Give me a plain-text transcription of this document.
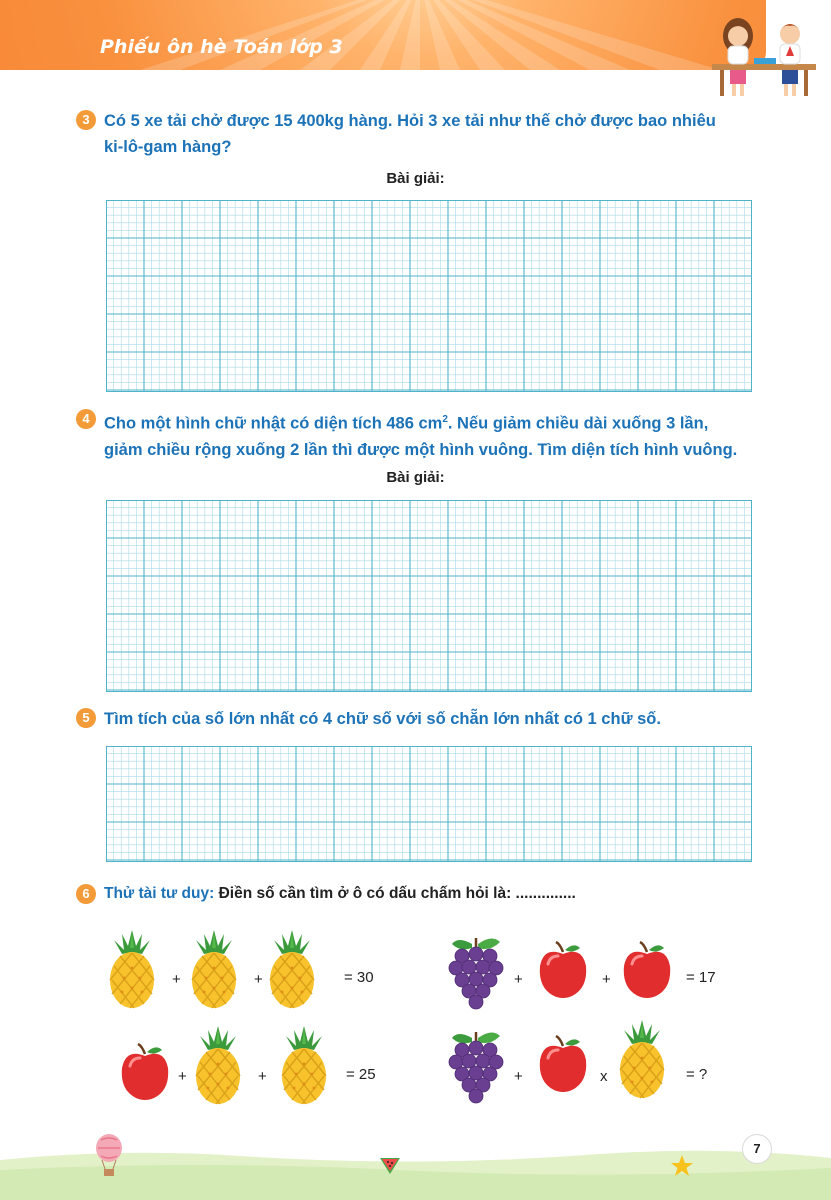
Phiếu ôn hè Toán lớp 3
3 Có 5 xe tải chở được 15 400kg hàng. Hỏi 3 xe tải như thế chở được bao nhiêu
ki-lô-gam hàng?
Bài giải:
4 Cho một hình chữ nhật có diện tích 486 $cm^2$. Nếu giảm chiều dài xuống 3 lần,
giảm chiều rộng xuống 2 lần thì được một hình vuông. Tìm diện tích hình vuông.
Bài giải:
5 Tìm tích của số lớn nhất có 4 chữ số với số chẵn lớn nhất có 1 chữ số.
6 Thử tài tư duy: Điền số cần tìm ở ô có dấu chấm hỏi là: ..............
+	+	= 30	+	+	= 17
+	+	= 25	+	x	= ?
7
